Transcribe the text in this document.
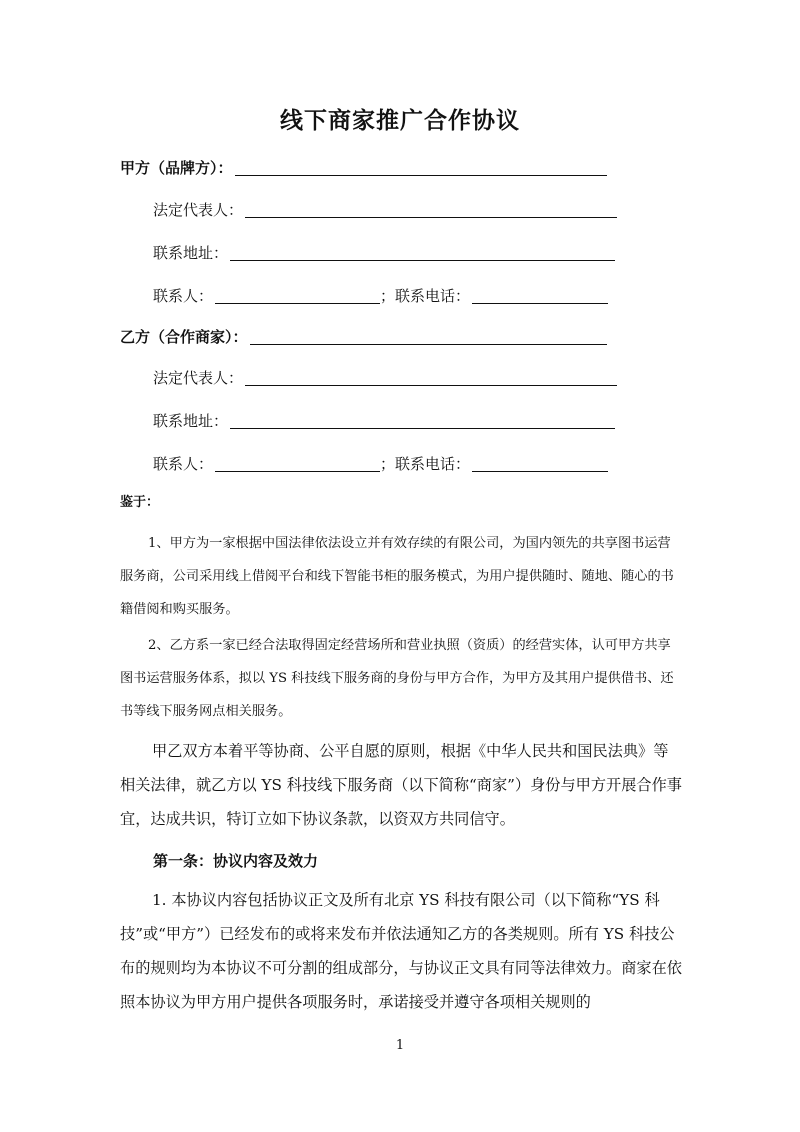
线下商家推广合作协议
甲方（品牌方）：
法定代表人：
联系地址：
联系人：	；联系电话：
乙方（合作商家）：
法定代表人：
联系地址：
联系人：	；联系电话：
鉴于：

1、甲方为一家根据中国法律依法设立并有效存续的有限公司，为国内领先的共享图书运营服务商，公司采用线上借阅平台和线下智能书柜的服务模式，为用户提供随时、随地、随心的书籍借阅和购买服务。

2、乙方系一家已经合法取得固定经营场所和营业执照（资质）的经营实体，认可甲方共享图书运营服务体系，拟以 YS 科技线下服务商的身份与甲方合作，为甲方及其用户提供借书、还书等线下服务网点相关服务。

甲乙双方本着平等协商、公平自愿的原则，根据《中华人民共和国民法典》等相关法律，就乙方以 YS 科技线下服务商（以下简称“商家”）身份与甲方开展合作事宜，达成共识，特订立如下协议条款，以资双方共同信守。

第一条：协议内容及效力

1. 本协议内容包括协议正文及所有北京 YS 科技有限公司（以下简称“YS 科技”或“甲方”）已经发布的或将来发布并依法通知乙方的各类规则。所有 YS 科技公布的规则均为本协议不可分割的组成部分，与协议正文具有同等法律效力。商家在依照本协议为甲方用户提供各项服务时，承诺接受并遵守各项相关规则的

1
